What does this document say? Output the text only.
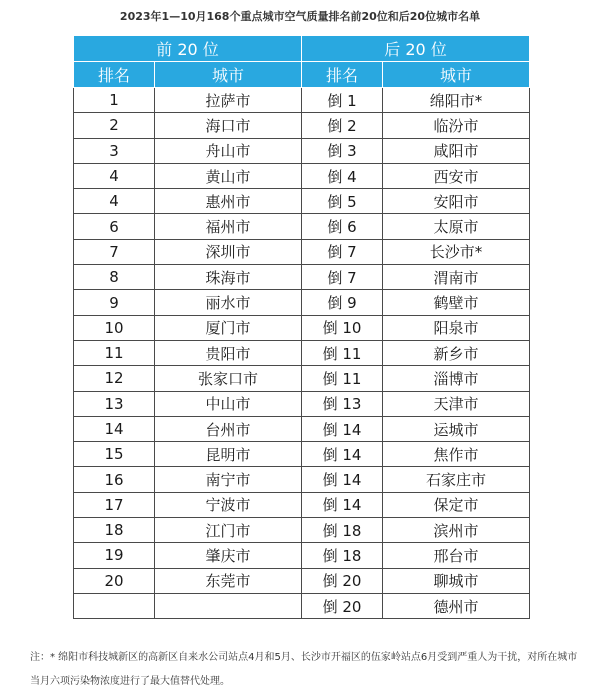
2023年1—10月168个重点城市空气质量排名前20位和后20位城市名单
前 20 位		后 20 位	
排名	城市	排名	城市
1	拉萨市	倒 1	绵阳市*
2	海口市	倒 2	临汾市
3	舟山市	倒 3	咸阳市
4	黄山市	倒 4	西安市
4	惠州市	倒 5	安阳市
6	福州市	倒 6	太原市
7	深圳市	倒 7	长沙市*
8	珠海市	倒 7	渭南市
9	丽水市	倒 9	鹤壁市
10	厦门市	倒 10	阳泉市
11	贵阳市	倒 11	新乡市
12	张家口市	倒 11	淄博市
13	中山市	倒 13	天津市
14	台州市	倒 14	运城市
15	昆明市	倒 14	焦作市
16	南宁市	倒 14	石家庄市
17	宁波市	倒 14	保定市
18	江门市	倒 18	滨州市
19	肇庆市	倒 18	邢台市
20	东莞市	倒 20	聊城市
		倒 20	德州市
注：* 绵阳市科技城新区的高新区自来水公司站点4月和5月、长沙市开福区的伍家岭站点6月受到严重人为干扰，对所在城市当月六项污染物浓度进行了最大值替代处理。
